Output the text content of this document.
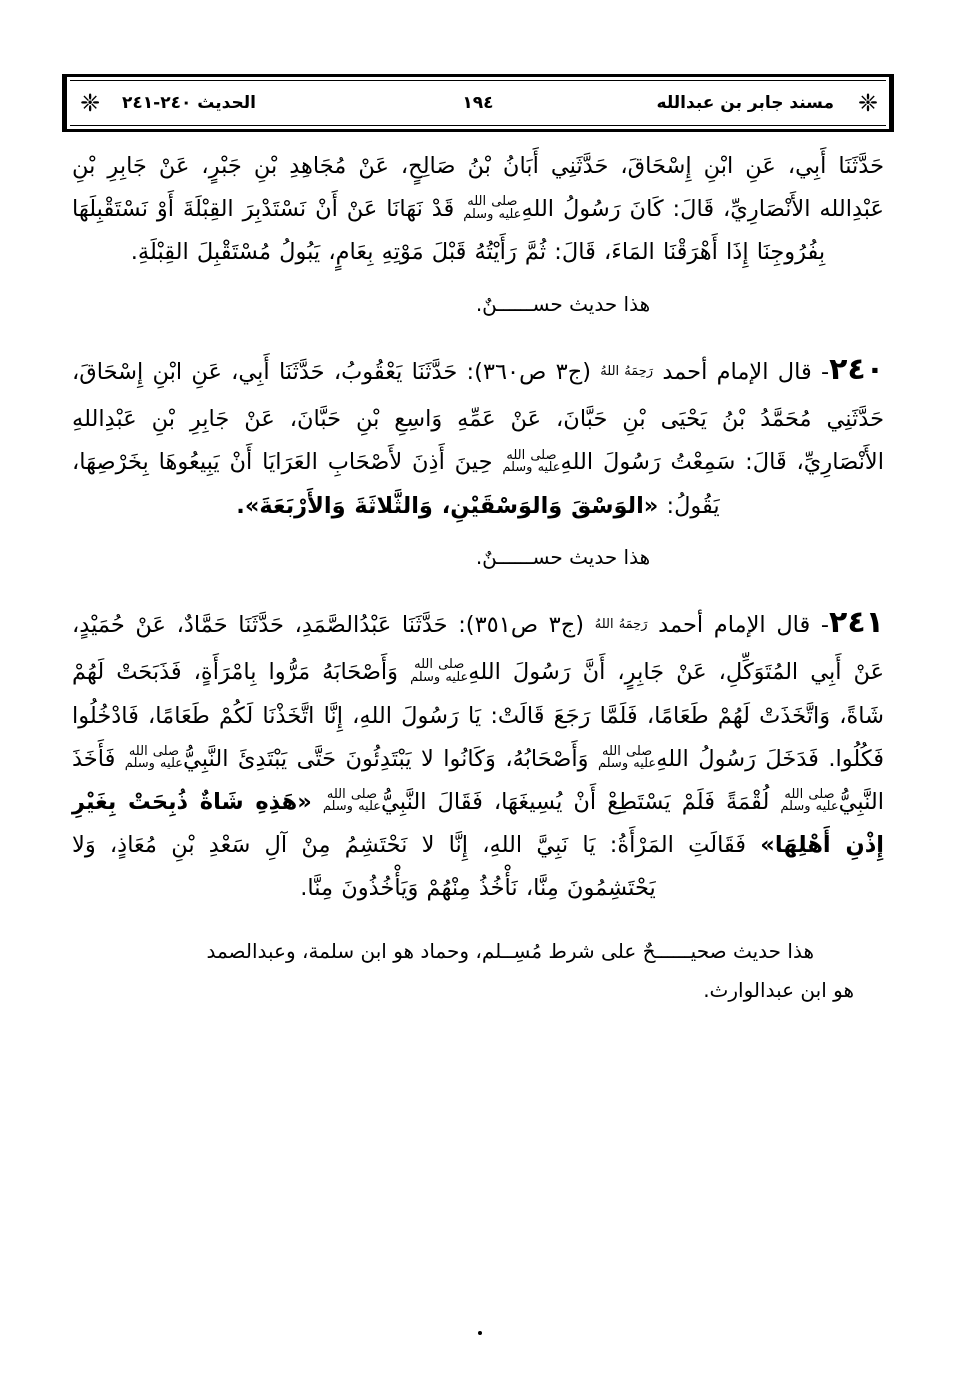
❈
مسند جابر بن عبدالله
١٩٤
الحديث ٢٤٠-٢٤١
❈

حَدَّثَنَا أَبِي، عَنِ ابْنِ إِسْحَاقَ، حَدَّثَنِي أَبَانُ بْنُ صَالِحٍ، عَنْ مُجَاهِدِ بْنِ جَبْرٍ، عَنْ جَابِرِ بْنِ عَبْدِالله الأَنْصَارِيِّ، قَالَ: كَانَ رَسُولُ اللهِ
صلى الله
عليه وسلم
قَدْ نَهَانَا عَنْ أَنْ نَسْتَدْبِرَ القِبْلَةَ أَوْ نَسْتَقْبِلَهَا بِفُرُوجِنَا إِذَا أَهْرَقْنَا المَاءَ، قَالَ: ثُمَّ رَأَيْتُهُ قَبْلَ مَوْتِهِ بِعَامٍ، يَبُولُ مُسْتَقْبِلَ القِبْلَةِ.

هذا حديث حســــــنٌ.

٢٤٠- قال الإمام أحمد رَحِمَهُ اللهُ (ج٣ ص٣٦٠): حَدَّثَنَا يَعْقُوبُ، حَدَّثَنَا أَبِي، عَنِ ابْنِ إِسْحَاقَ، حَدَّثَنِي مُحَمَّدُ بْنُ يَحْيَى بْنِ حَبَّانَ، عَنْ عَمِّهِ وَاسِعِ بْنِ حَبَّانَ، عَنْ جَابِرِ بْنِ عَبْدِاللهِ الأَنْصَارِيِّ، قَالَ: سَمِعْتُ رَسُولَ اللهِ
صلى الله
عليه وسلم
حِينَ أَذِنَ لأَصْحَابِ العَرَايَا أَنْ يَبِيعُوهَا بِخَرْصِهَا، يَقُولُ: «الوَسْقَ وَالوَسْقَيْنِ، وَالثَّلاثَةَ وَالأَرْبَعَةَ».

هذا حديث حســــــنٌ.

٢٤١- قال الإمام أحمد رَحِمَهُ اللهُ (ج٣ ص٣٥١): حَدَّثَنَا عَبْدُالصَّمَدِ، حَدَّثَنَا حَمَّادٌ، عَنْ حُمَيْدٍ، عَنْ أَبِي المُتَوَكِّلِ، عَنْ جَابِرٍ، أَنَّ رَسُولَ اللهِ
صلى الله
عليه وسلم
وَأَصْحَابَهُ مَرُّوا بِامْرَأَةٍ، فَذَبَحَتْ لَهُمْ شَاةً، وَاتَّخَذَتْ لَهُمْ طَعَامًا، فَلَمَّا رَجَعَ قَالَتْ: يَا رَسُولَ اللهِ، إِنَّا اتَّخَذْنَا لَكُمْ طَعَامًا، فَادْخُلُوا فَكُلُوا. فَدَخَلَ رَسُولُ اللهِ
صلى الله
عليه وسلم
وَأَصْحَابُهُ، وَكَانُوا لا يَبْتَدِئُونَ حَتَّى يَبْتَدِئَ النَّبِيُّ
صلى الله
عليه وسلم
فَأَخَذَ النَّبِيُّ
صلى الله
عليه وسلم
لُقْمَةً فَلَمْ يَسْتَطِعْ أَنْ يُسِيغَهَا، فَقَالَ النَّبِيُّ
صلى الله
عليه وسلم
«هَذِهِ شَاةٌ ذُبِحَتْ بِغَيْرِ إِذْنِ أَهْلِهَا» فَقَالَتِ المَرْأَةُ: يَا نَبِيَّ اللهِ، إِنَّا لا نَحْتَشِمُ مِنْ آلِ سَعْدِ بْنِ مُعَاذٍ، وَلا يَحْتَشِمُونَ مِنَّا، نَأْخُذُ مِنْهُمْ وَيَأْخُذُونَ مِنَّا.

هذا حديث صحيــــــحٌ على شرط مُسِــلم، وحماد هو ابن سلمة، وعبدالصمد
هو ابن عبدالوارث.
